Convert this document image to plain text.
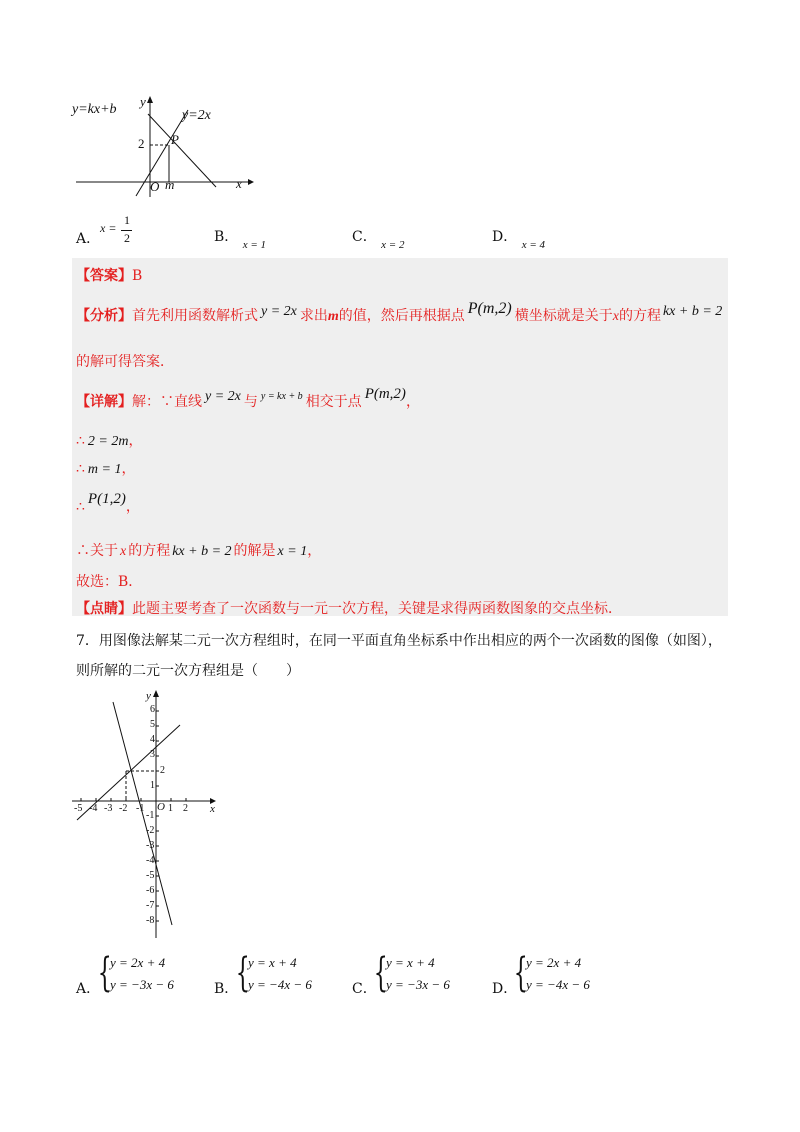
y=kx+b	y=2x
y
x
2 P
O m
A．
x =
1
2	B． $_{x = 1}$	C． $_{x = 2}$	D． $_{x = 4}$
【答案】B
【分析】首先利用函数解析式 y = 2x 求出m的值，然后再根据点 P(m,2) 横坐标就是关于x的方程 kx + b = 2
的解可得答案．
【详解】解：∵直线 y = 2x 与 $^{y = kx + b}$ 相交于点 P(m,2)，
∴ 2 = 2m，
∴ m = 1，
∴ P(1,2)，
∴关于 x 的方程 kx + b = 2 的解是 x = 1，
故选：B．
【点睛】此题主要考查了一次函数与一元一次方程，关键是求得两函数图象的交点坐标．
7．用图像法解某二元一次方程组时，在同一平面直角坐标系中作出相应的两个一次函数的图像（如图），
则所解的二元一次方程组是（　　）
y
x
O
6
5
4
3
2
1
-1
-2
-3
-4
-5
-6
-7
-8
-5 -4 -3 -2 -1 1 2
A．
{
y = 2x + 4
y = −3x − 6	B．
{
y = x + 4
y = −4x − 6	C．
{
y = x + 4
y = −3x − 6	D．
{
y = 2x + 4
y = −4x − 6
